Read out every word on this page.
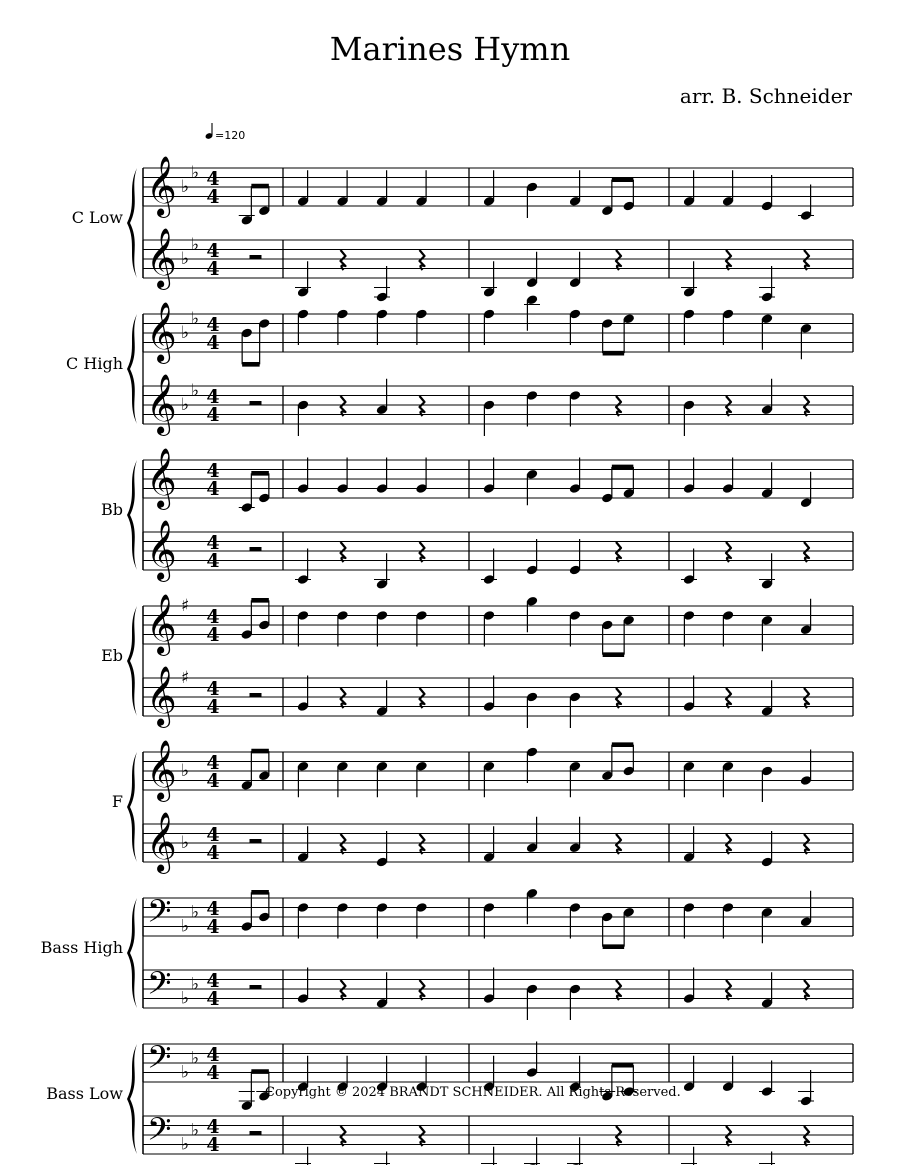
Marines Hymn
arr. B. Schneider
=120
C Low
𝄞 ♭
♭ 4
4
𝄞 ♭
♭ 4
4
C High
𝄞 ♭
♭ 4
4
𝄞 ♭
♭ 4
4
Bb
𝄞 4
4
𝄞 4
4
Eb
𝄞 ♯ 4
4
𝄞 ♯ 4
4
F
𝄞 ♭ 4
4
𝄞 ♭ 4
4
Bass High
𝄢 ♭
♭ 4
4
𝄢 ♭
♭ 4
4
Bass Low
𝄢 ♭
♭ 4
4
𝄢 ♭
♭ 4
4
Copyright © 2024 BRANDT SCHNEIDER. All Rights Reserved.
